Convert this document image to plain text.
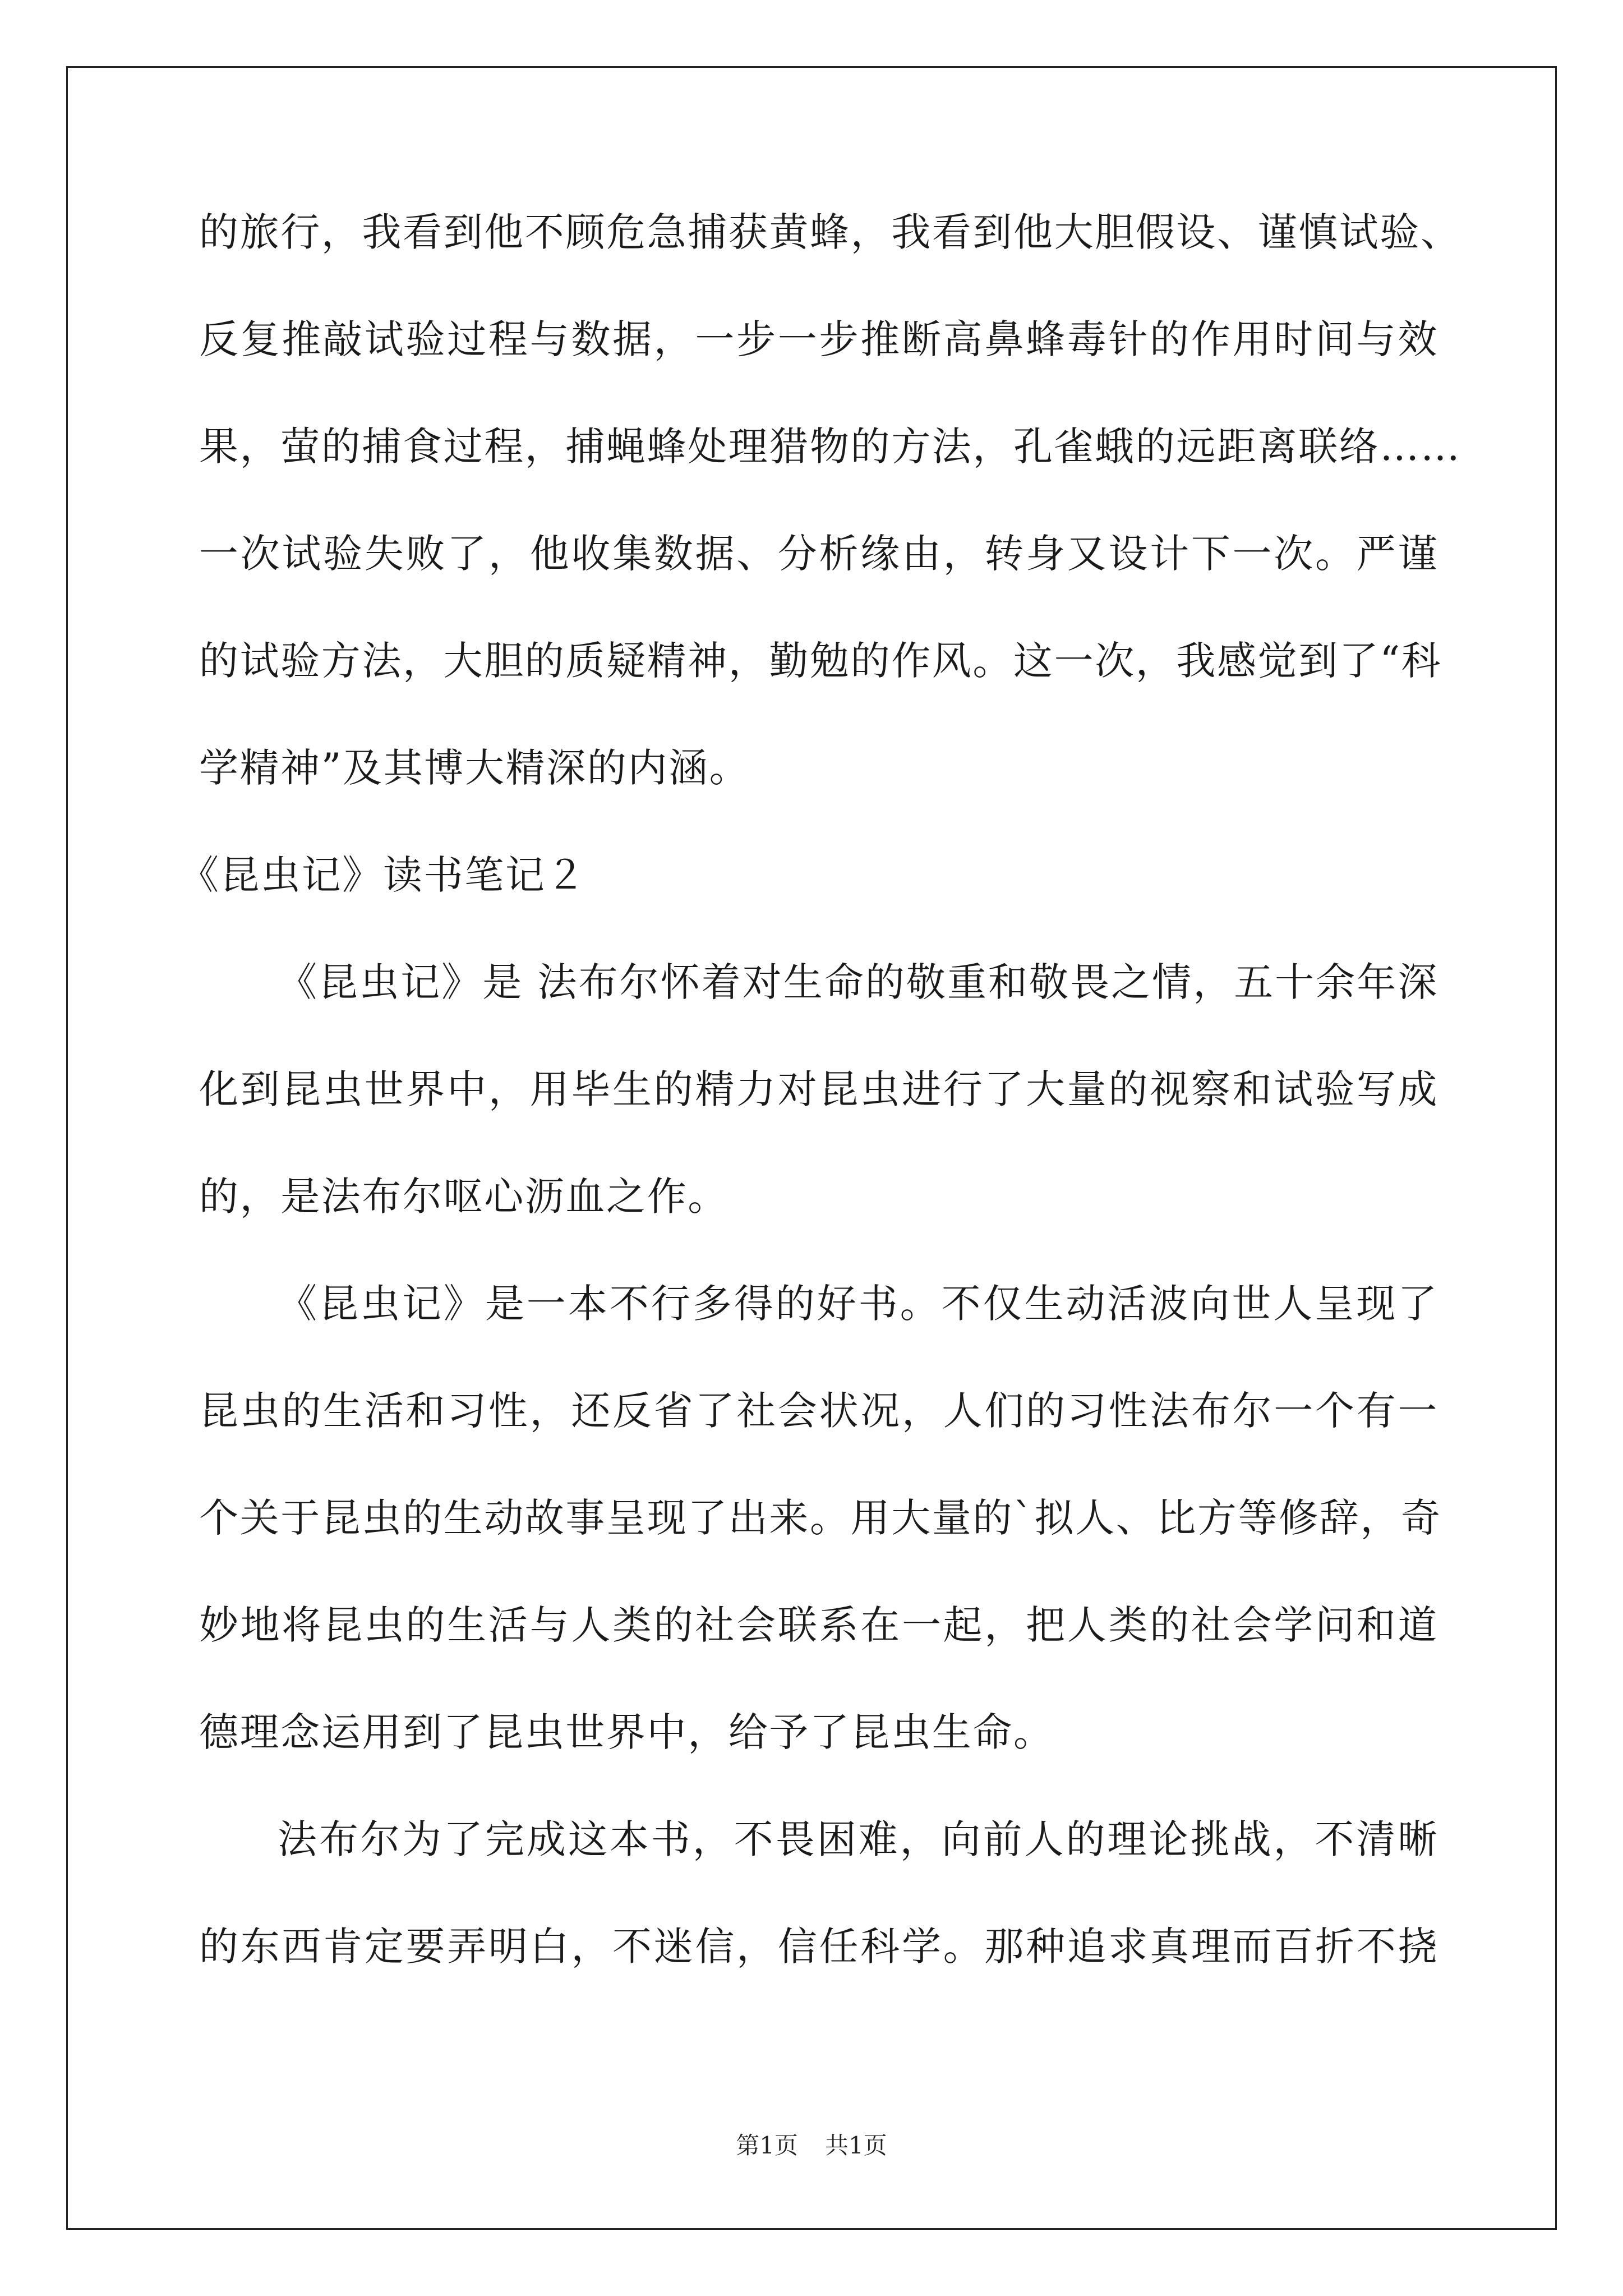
的旅行，我看到他不顾危急捕获黄蜂，我看到他大胆假设、谨慎试验、
反复推敲试验过程与数据，一步一步推断高鼻蜂毒针的作用时间与效
果，萤的捕食过程，捕蝇蜂处理猎物的方法，孔雀蛾的远距离联络……
一次试验失败了，他收集数据、分析缘由，转身又设计下一次。严谨
的试验方法，大胆的质疑精神，勤勉的作风。这一次，我感觉到了“科
学精神”及其博大精深的内涵。
《昆虫记》读书笔记２
《昆虫记》是 法布尔怀着对生命的敬重和敬畏之情，五十余年深
化到昆虫世界中，用毕生的精力对昆虫进行了大量的视察和试验写成
的，是法布尔呕心沥血之作。
《昆虫记》是一本不行多得的好书。不仅生动活波向世人呈现了
昆虫的生活和习性，还反省了社会状况，人们的习性法布尔一个有一
个关于昆虫的生动故事呈现了出来。用大量的`拟人、比方等修辞，奇
妙地将昆虫的生活与人类的社会联系在一起，把人类的社会学问和道
德理念运用到了昆虫世界中，给予了昆虫生命。
法布尔为了完成这本书，不畏困难，向前人的理论挑战，不清晰
的东西肯定要弄明白，不迷信，信任科学。那种追求真理而百折不挠
第1页 共1页
